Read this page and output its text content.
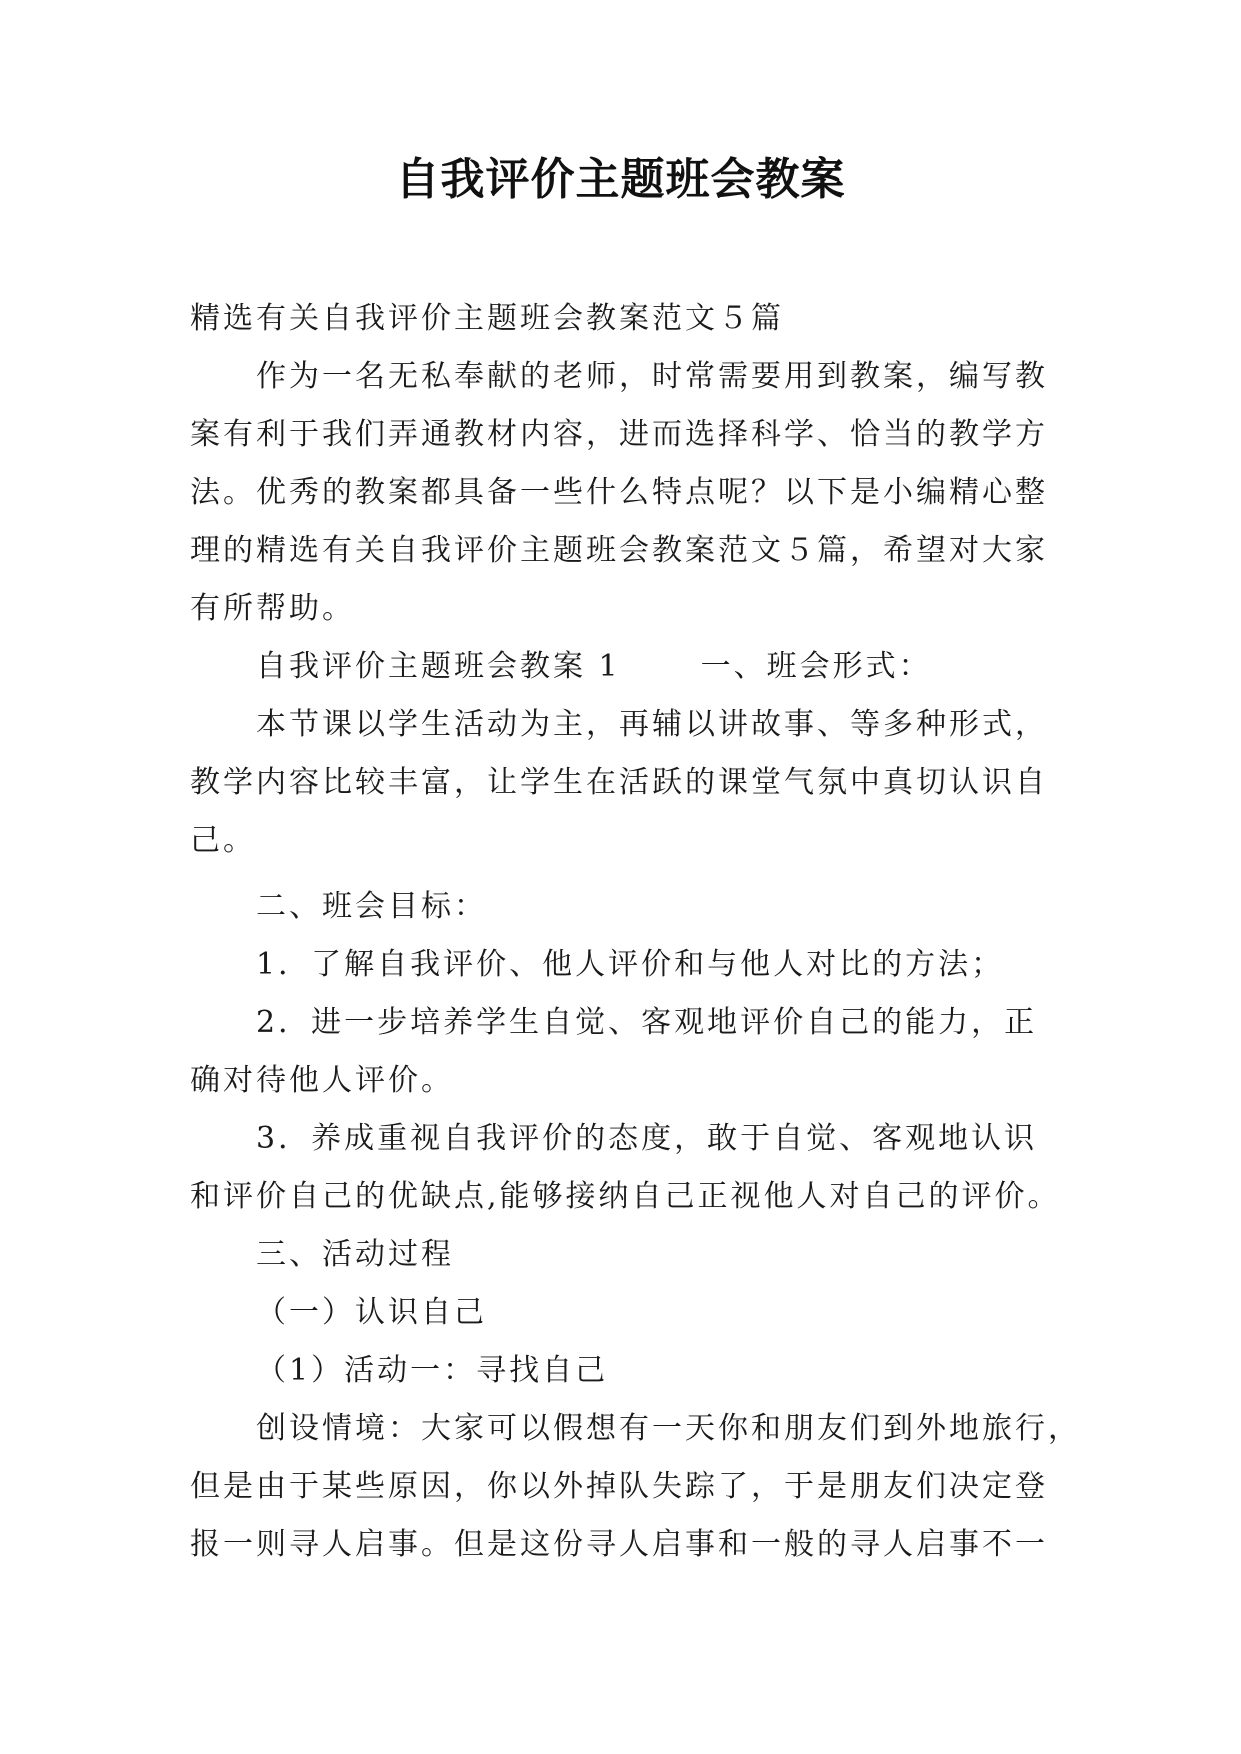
自我评价主题班会教案

精选有关自我评价主题班会教案范文５篇

作为一名无私奉献的老师，时常需要用到教案，编写教

案有利于我们弄通教材内容，进而选择科学、恰当的教学方

法。优秀的教案都具备一些什么特点呢？以下是小编精心整

理的精选有关自我评价主题班会教案范文５篇，希望对大家

有所帮助。

自我评价主题班会教案 1	一、班会形式：

本节课以学生活动为主，再辅以讲故事、等多种形式，

教学内容比较丰富，让学生在活跃的课堂气氛中真切认识自

己。

二、班会目标：

1．了解自我评价、他人评价和与他人对比的方法；

2．进一步培养学生自觉、客观地评价自己的能力，正

确对待他人评价。

3．养成重视自我评价的态度，敢于自觉、客观地认识

和评价自己的优缺点,能够接纳自己正视他人对自己的评价。

三、活动过程

（一）认识自己

（1）活动一：寻找自己

创设情境：大家可以假想有一天你和朋友们到外地旅行，

但是由于某些原因，你以外掉队失踪了，于是朋友们决定登

报一则寻人启事。但是这份寻人启事和一般的寻人启事不一
